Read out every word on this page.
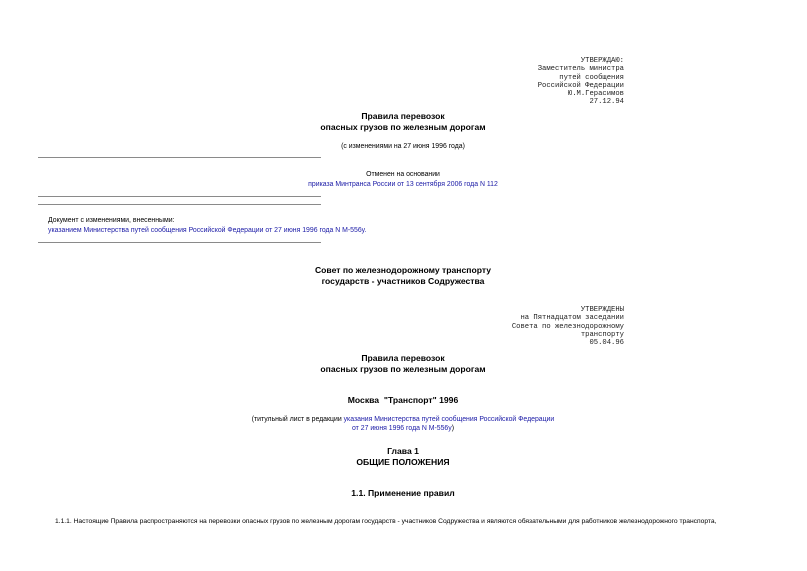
УТВЕРЖДАЮ:
Заместитель министра
путей сообщения
Российской Федерации
Ю.М.Герасимов
27.12.94
Правила перевозок
опасных грузов по железным дорогам
(с изменениями на 27 июня 1996 года)
Отменен на основании
приказа Минтранса России от 13 сентября 2006 года N 112
Документ с изменениями, внесенными:
указанием Министерства путей сообщения Российской Федерации от 27 июня 1996 года N М-556у.
Совет по железнодорожному транспорту
государств - участников Содружества
УТВЕРЖДЕНЫ
на Пятнадцатом заседании
Совета по железнодорожному
транспорту
05.04.96
Правила перевозок
опасных грузов по железным дорогам
Москва  "Транспорт" 1996
(титульный лист в редакции указания Министерства путей сообщения Российской Федерации
от 27 июня 1996 года N М-556у)
Глава 1
ОБЩИЕ ПОЛОЖЕНИЯ
1.1. Применение правил
1.1.1. Настоящие Правила распространяются на перевозки опасных грузов по железным дорогам государств - участников Содружества и являются обязательными для работников железнодорожного транспорта,
